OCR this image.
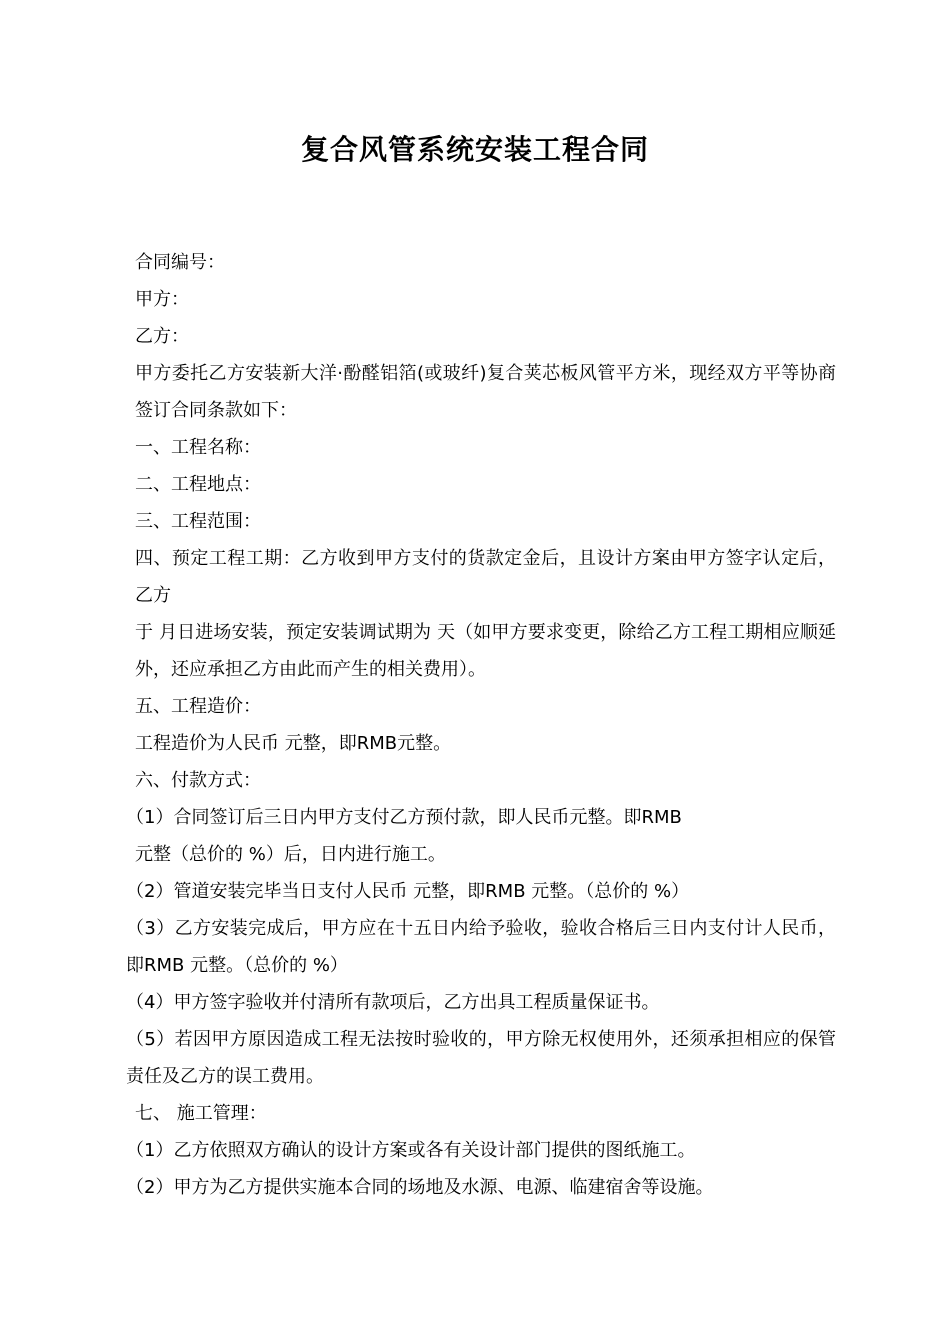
复合风管系统安装工程合同

合同编号：

甲方：

乙方：

甲方委托乙方安装新大洋·酚醛铝箔(或玻纤)复合荚芯板风管平方米，现经双方平等协商签订合同条款如下：

一、工程名称：

二、工程地点：

三、工程范围：

四、预定工程工期：乙方收到甲方支付的货款定金后，且设计方案由甲方签字认定后，乙方

于 月日进场安装，预定安装调试期为 天（如甲方要求变更，除给乙方工程工期相应顺延外，还应承担乙方由此而产生的相关费用）。

五、工程造价：

工程造价为人民币 元整，即RMB元整。

六、付款方式：

（1）合同签订后三日内甲方支付乙方预付款，即人民币元整。即RMB

元整（总价的 %）后，日内进行施工。

（2）管道安装完毕当日支付人民币 元整，即RMB 元整。（总价的 %）

（3）乙方安装完成后，甲方应在十五日内给予验收，验收合格后三日内支付计人民币，即RMB 元整。（总价的 %）

（4）甲方签字验收并付清所有款项后，乙方出具工程质量保证书。

（5）若因甲方原因造成工程无法按时验收的，甲方除无权使用外，还须承担相应的保管责任及乙方的误工费用。

七、 施工管理：

（1）乙方依照双方确认的设计方案或各有关设计部门提供的图纸施工。

（2）甲方为乙方提供实施本合同的场地及水源、电源、临建宿舍等设施。
